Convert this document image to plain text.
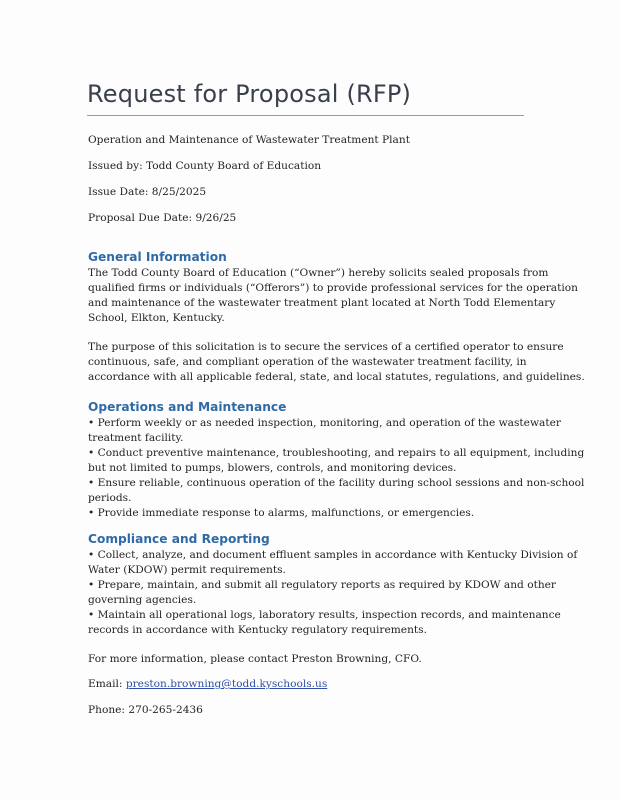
Request for Proposal (RFP)

Operation and Maintenance of Wastewater Treatment Plant

Issued by: Todd County Board of Education

Issue Date: 8/25/2025

Proposal Due Date: 9/26/25

General Information
The Todd County Board of Education (“Owner”) hereby solicits sealed proposals from
qualified firms or individuals (“Offerors”) to provide professional services for the operation
and maintenance of the wastewater treatment plant located at North Todd Elementary
School, Elkton, Kentucky.
The purpose of this solicitation is to secure the services of a certified operator to ensure
continuous, safe, and compliant operation of the wastewater treatment facility, in
accordance with all applicable federal, state, and local statutes, regulations, and guidelines.
Operations and Maintenance
• Perform weekly or as needed inspection, monitoring, and operation of the wastewater
treatment facility.
• Conduct preventive maintenance, troubleshooting, and repairs to all equipment, including
but not limited to pumps, blowers, controls, and monitoring devices.
• Ensure reliable, continuous operation of the facility during school sessions and non-school
periods.
• Provide immediate response to alarms, malfunctions, or emergencies.
Compliance and Reporting
• Collect, analyze, and document effluent samples in accordance with Kentucky Division of
Water (KDOW) permit requirements.
• Prepare, maintain, and submit all regulatory reports as required by KDOW and other
governing agencies.
• Maintain all operational logs, laboratory results, inspection records, and maintenance
records in accordance with Kentucky regulatory requirements.

For more information, please contact Preston Browning, CFO.

Email: preston.browning@todd.kyschools.us

Phone: 270-265-2436
